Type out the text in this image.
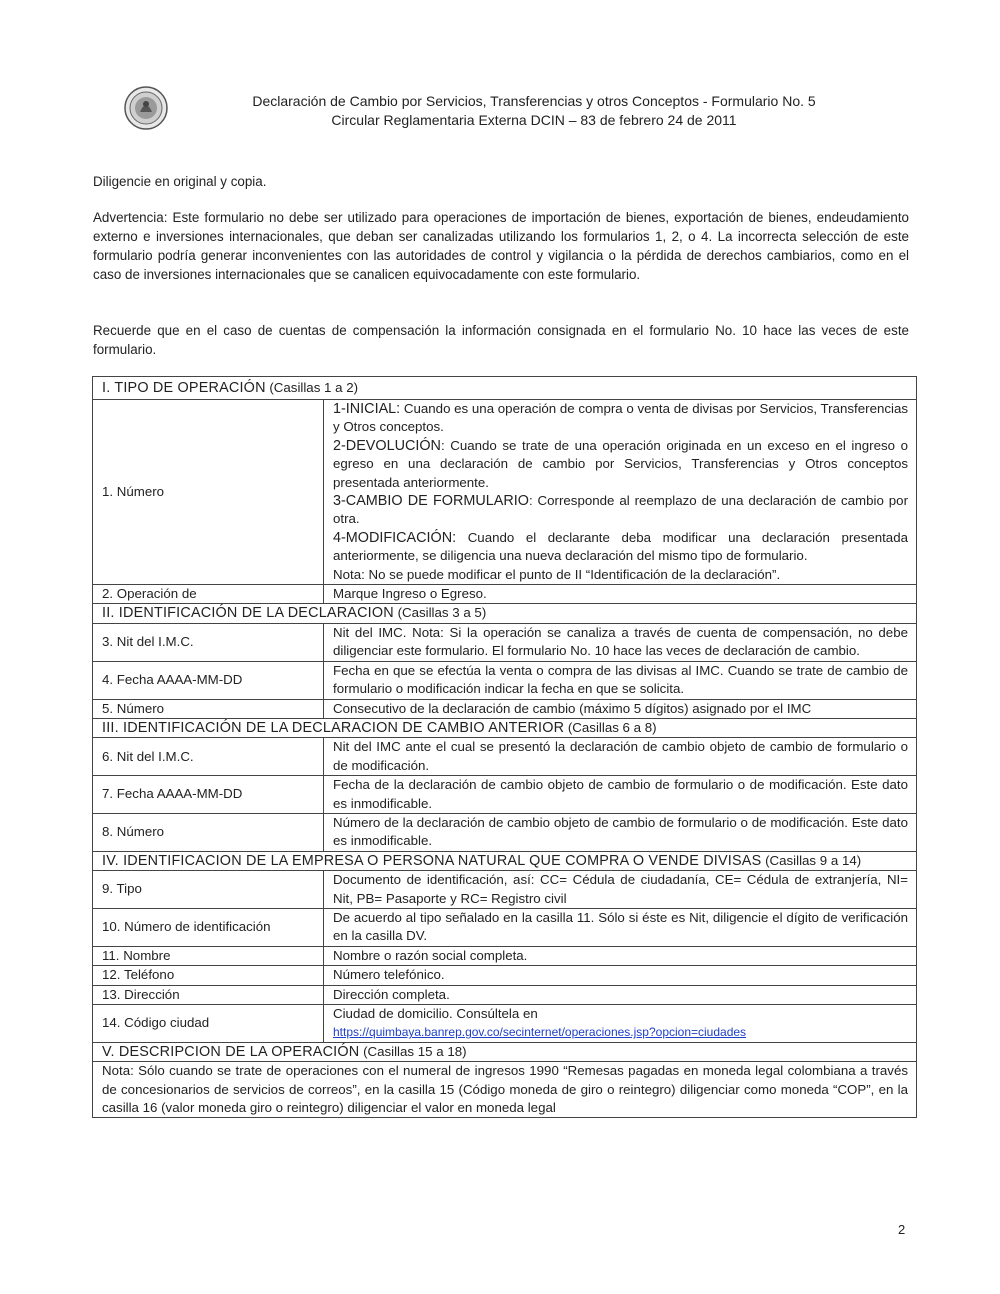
Declaración de Cambio por Servicios, Transferencias y otros Conceptos - Formulario No. 5
Circular Reglamentaria Externa DCIN – 83 de febrero 24 de 2011
Diligencie en original y copia.
Advertencia: Este formulario no debe ser utilizado para operaciones de importación de bienes, exportación de bienes, endeudamiento externo e inversiones internacionales, que deban ser canalizadas utilizando los formularios 1, 2, o 4. La incorrecta selección de este formulario podría generar inconvenientes con las autoridades de control y vigilancia o la pérdida de derechos cambiarios, como en el caso de inversiones internacionales que se canalicen equivocadamente con este formulario.
Recuerde que en el caso de cuentas de compensación la información consignada en el formulario No. 10 hace las veces de este formulario.
I. TIPO DE OPERACIÓN (Casillas 1 a 2)	
1. Número	1-INICIAL: Cuando es una operación de compra o venta de divisas por Servicios, Transferencias y Otros conceptos.
2-DEVOLUCIÓN: Cuando se trate de una operación originada en un exceso en el ingreso o egreso en una declaración de cambio por Servicios, Transferencias y Otros conceptos presentada anteriormente.
3-CAMBIO DE FORMULARIO: Corresponde al reemplazo de una declaración de cambio por otra.
4-MODIFICACIÓN: Cuando el declarante deba modificar una declaración presentada anteriormente, se diligencia una nueva declaración del mismo tipo de formulario.
Nota: No se puede modificar el punto de II “Identificación de la declaración”.
2. Operación de	Marque Ingreso o Egreso.
II. IDENTIFICACIÓN DE LA DECLARACION (Casillas 3 a 5)	
3. Nit del I.M.C.	Nit del IMC. Nota: Si la operación se canaliza a través de cuenta de compensación, no debe diligenciar este formulario. El formulario No. 10 hace las veces de declaración de cambio.
4. Fecha AAAA-MM-DD	Fecha en que se efectúa la venta o compra de las divisas al IMC. Cuando se trate de cambio de formulario o modificación indicar la fecha en que se solicita.
5. Número	Consecutivo de la declaración de cambio (máximo 5 dígitos) asignado por el IMC
III. IDENTIFICACIÓN DE LA DECLARACION DE CAMBIO ANTERIOR (Casillas 6 a 8)	
6. Nit del I.M.C.	Nit del IMC ante el cual se presentó la declaración de cambio objeto de cambio de formulario o de modificación.
7. Fecha AAAA-MM-DD	Fecha de la declaración de cambio objeto de cambio de formulario o de modificación. Este dato es inmodificable.
8. Número	Número de la declaración de cambio objeto de cambio de formulario o de modificación. Este dato es inmodificable.
IV. IDENTIFICACION DE LA EMPRESA O PERSONA NATURAL QUE COMPRA O VENDE DIVISAS (Casillas 9 a 14)	
9. Tipo	Documento de identificación, así: CC= Cédula de ciudadanía, CE= Cédula de extranjería, NI= Nit, PB= Pasaporte y RC= Registro civil
10. Número de identificación	De acuerdo al tipo señalado en la casilla 11. Sólo si éste es Nit, diligencie el dígito de verificación en la casilla DV.
11. Nombre	Nombre o razón social completa.
12. Teléfono	Número telefónico.
13. Dirección	Dirección completa.
14. Código ciudad	Ciudad de domicilio. Consúltela en
https://quimbaya.banrep.gov.co/secinternet/operaciones.jsp?opcion=ciudades
V. DESCRIPCION DE LA OPERACIÓN (Casillas 15 a 18)	
Nota: Sólo cuando se trate de operaciones con el numeral de ingresos 1990 “Remesas pagadas en moneda legal colombiana a través de concesionarios de servicios de correos”, en la casilla 15 (Código moneda de giro o reintegro) diligenciar como moneda “COP”, en la casilla 16 (valor moneda giro o reintegro) diligenciar el valor en moneda legal	
2
